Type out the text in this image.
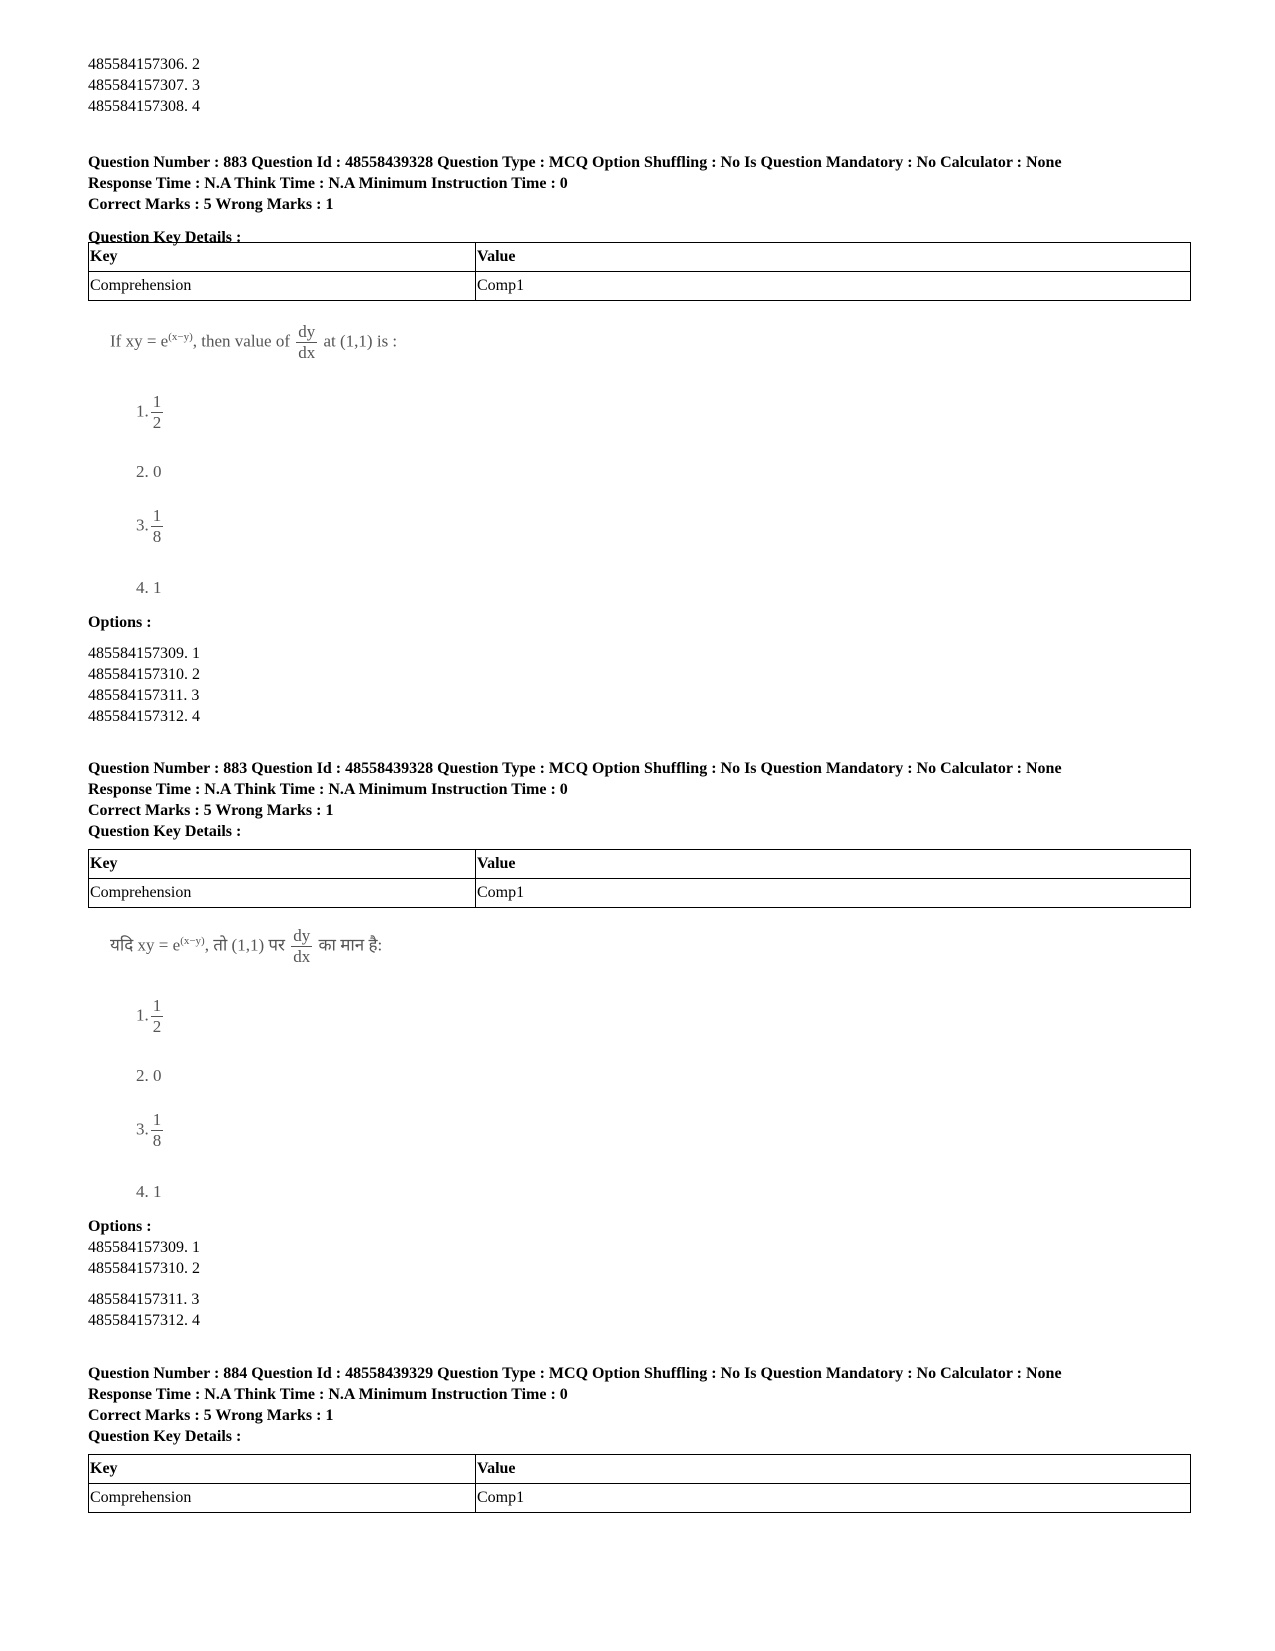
485584157306. 2
485584157307. 3
485584157308. 4
Question Number : 883 Question Id : 48558439328 Question Type : MCQ Option Shuffling : No Is Question Mandatory : No Calculator : None
Response Time : N.A Think Time : N.A Minimum Instruction Time : 0
Correct Marks : 5 Wrong Marks : 1
Question Key Details :
Key	Value
Comprehension	Comp1
If xy = $e^{(x-y)}$, then value of $\frac{dy}{dx}$ at (1,1) is :
1. $\frac{1}{2}$
2. 0
3. $\frac{1}{8}$
4. 1
Options :
485584157309. 1
485584157310. 2
485584157311. 3
485584157312. 4
Question Number : 883 Question Id : 48558439328 Question Type : MCQ Option Shuffling : No Is Question Mandatory : No Calculator : None
Response Time : N.A Think Time : N.A Minimum Instruction Time : 0
Correct Marks : 5 Wrong Marks : 1
Question Key Details :
Key	Value
Comprehension	Comp1
यदि xy = $e^{(x-y)}$, तो (1,1) पर $\frac{dy}{dx}$ का मान है:
1. $\frac{1}{2}$
2. 0
3. $\frac{1}{8}$
4. 1
Options :
485584157309. 1
485584157310. 2
485584157311. 3
485584157312. 4
Question Number : 884 Question Id : 48558439329 Question Type : MCQ Option Shuffling : No Is Question Mandatory : No Calculator : None
Response Time : N.A Think Time : N.A Minimum Instruction Time : 0
Correct Marks : 5 Wrong Marks : 1
Question Key Details :
Key	Value
Comprehension	Comp1
